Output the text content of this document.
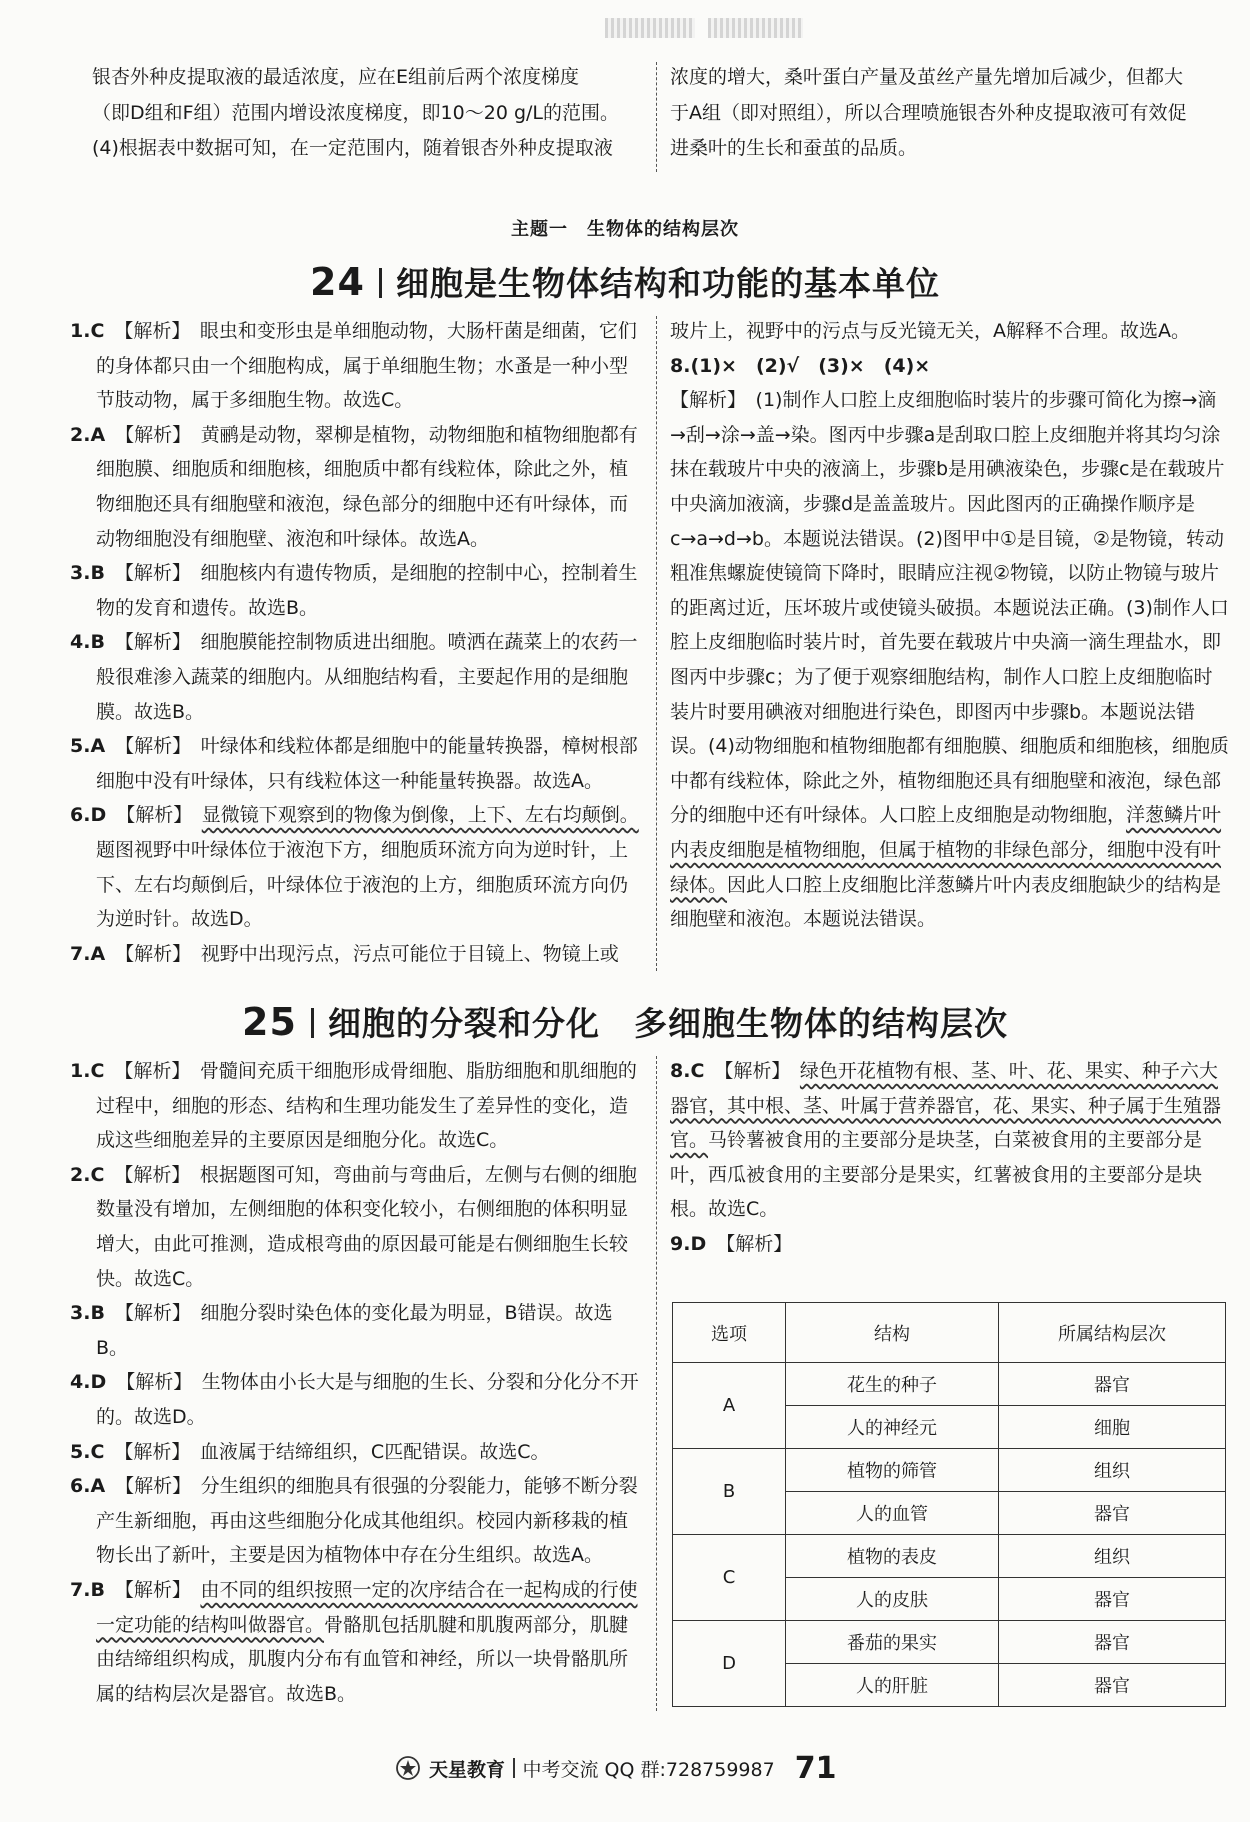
银杏外种皮提取液的最适浓度，应在E组前后两个浓度梯度
（即D组和F组）范围内增设浓度梯度，即10～20 g/L的范围。
(4)根据表中数据可知，在一定范围内，随着银杏外种皮提取液
浓度的增大，桑叶蛋白产量及茧丝产量先增加后减少，但都大
于A组（即对照组），所以合理喷施银杏外种皮提取液可有效促
进桑叶的生长和蚕茧的品质。
主题一　生物体的结构层次
24 细胞是生物体结构和功能的基本单位

1.C 【解析】　 眼虫和变形虫是单细胞动物，大肠杆菌是细菌，它们的身体都只由一个细胞构成，属于单细胞生物；水蚤是一种小型节肢动物，属于多细胞生物。故选C。

2.A 【解析】　 黄鹂是动物，翠柳是植物，动物细胞和植物细胞都有细胞膜、细胞质和细胞核，细胞质中都有线粒体，除此之外，植物细胞还具有细胞壁和液泡，绿色部分的细胞中还有叶绿体，而动物细胞没有细胞壁、液泡和叶绿体。故选A。

3.B 【解析】　 细胞核内有遗传物质，是细胞的控制中心，控制着生物的发育和遗传。故选B。

4.B 【解析】　 细胞膜能控制物质进出细胞。喷洒在蔬菜上的农药一般很难渗入蔬菜的细胞内。从细胞结构看，主要起作用的是细胞膜。故选B。

5.A 【解析】　 叶绿体和线粒体都是细胞中的能量转换器，樟树根部细胞中没有叶绿体，只有线粒体这一种能量转换器。故选A。

6.D 【解析】　 显微镜下观察到的物像为倒像，上下、左右均颠倒。题图视野中叶绿体位于液泡下方，细胞质环流方向为逆时针，上下、左右均颠倒后，叶绿体位于液泡的上方，细胞质环流方向仍为逆时针。故选D。

7.A 【解析】　 视野中出现污点，污点可能位于目镜上、物镜上或

玻片上，视野中的污点与反光镜无关，A解释不合理。故选A。

8.(1)×　(2)√　(3)×　(4)×

【解析】　 (1)制作人口腔上皮细胞临时装片的步骤可简化为擦→滴→刮→涂→盖→染。图丙中步骤a是刮取口腔上皮细胞并将其均匀涂抹在载玻片中央的液滴上，步骤b是用碘液染色，步骤c是在载玻片中央滴加液滴，步骤d是盖盖玻片。因此图丙的正确操作顺序是c→a→d→b。本题说法错误。(2)图甲中①是目镜，②是物镜，转动粗准焦螺旋使镜筒下降时，眼睛应注视②物镜，以防止物镜与玻片的距离过近，压坏玻片或使镜头破损。本题说法正确。(3)制作人口腔上皮细胞临时装片时，首先要在载玻片中央滴一滴生理盐水，即图丙中步骤c；为了便于观察细胞结构，制作人口腔上皮细胞临时装片时要用碘液对细胞进行染色，即图丙中步骤b。本题说法错误。(4)动物细胞和植物细胞都有细胞膜、细胞质和细胞核，细胞质中都有线粒体，除此之外，植物细胞还具有细胞壁和液泡，绿色部分的细胞中还有叶绿体。人口腔上皮细胞是动物细胞，洋葱鳞片叶内表皮细胞是植物细胞，但属于植物的非绿色部分，细胞中没有叶绿体。因此人口腔上皮细胞比洋葱鳞片叶内表皮细胞缺少的结构是细胞壁和液泡。本题说法错误。

25 细胞的分裂和分化　多细胞生物体的结构层次

1.C 【解析】　 骨髓间充质干细胞形成骨细胞、脂肪细胞和肌细胞的过程中，细胞的形态、结构和生理功能发生了差异性的变化，造成这些细胞差异的主要原因是细胞分化。故选C。

2.C 【解析】　 根据题图可知，弯曲前与弯曲后，左侧与右侧的细胞数量没有增加，左侧细胞的体积变化较小，右侧细胞的体积明显增大，由此可推测，造成根弯曲的原因最可能是右侧细胞生长较快。故选C。

3.B 【解析】　 细胞分裂时染色体的变化最为明显，B错误。故选B。

4.D 【解析】　 生物体由小长大是与细胞的生长、分裂和分化分不开的。故选D。

5.C 【解析】　 血液属于结缔组织，C匹配错误。故选C。

6.A 【解析】　 分生组织的细胞具有很强的分裂能力，能够不断分裂产生新细胞，再由这些细胞分化成其他组织。校园内新移栽的植物长出了新叶，主要是因为植物体中存在分生组织。故选A。

7.B 【解析】　 由不同的组织按照一定的次序结合在一起构成的行使一定功能的结构叫做器官。骨骼肌包括肌腱和肌腹两部分，肌腱由结缔组织构成，肌腹内分布有血管和神经，所以一块骨骼肌所属的结构层次是器官。故选B。

8.C 【解析】　 绿色开花植物有根、茎、叶、花、果实、种子六大器官，其中根、茎、叶属于营养器官，花、果实、种子属于生殖器官。马铃薯被食用的主要部分是块茎，白菜被食用的主要部分是叶，西瓜被食用的主要部分是果实，红薯被食用的主要部分是块根。故选C。

9.D 【解析】

选项	结构	所属结构层次
A	花生的种子	器官
	人的神经元	细胞
B	植物的筛管	组织
	人的血管	器官
C	植物的表皮	组织
	人的皮肤	器官
D	番茄的果实	器官
	人的肝脏	器官
天星教育 中考交流 QQ 群:728759987 71
